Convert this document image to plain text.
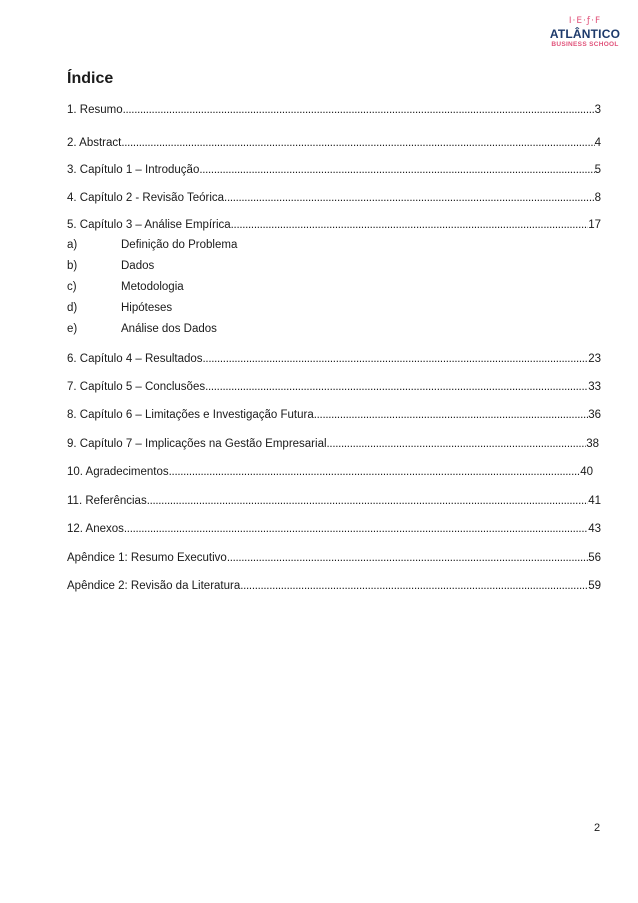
I·E·ƒ·F
ATLÂNTICO
BUSINESS SCHOOL
Índice
1. Resumo .....	3
2. Abstract .....	4
3. Capítulo 1 – Introdução .....	5
4. Capítulo 2 - Revisão Teórica .....	8
5. Capítulo 3 – Análise Empírica .....	17
a)	Definição do Problema
b)	Dados
c)	Metodologia
d)	Hipóteses
e)	Análise dos Dados
6. Capítulo 4 – Resultados .....	23
7. Capítulo 5 – Conclusões .....	33
8. Capítulo 6 – Limitações e Investigação Futura .....	36
9. Capítulo 7 – Implicações na Gestão Empresarial .....	38
10. Agradecimentos .....	40
11. Referências .....	41
12. Anexos .....	43
Apêndice 1: Resumo Executivo .....	56
Apêndice 2: Revisão da Literatura .....	59
2
